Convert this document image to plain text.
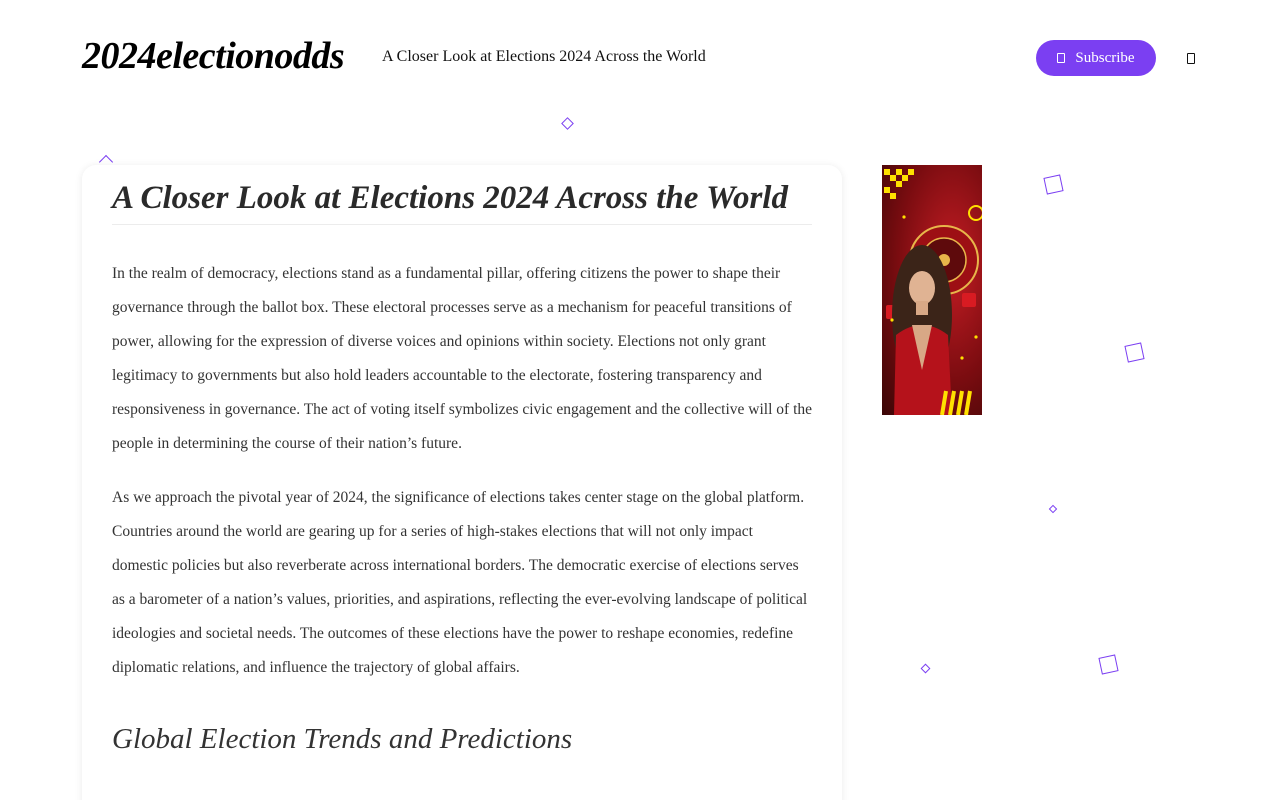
2024electionodds A Closer Look at Elections 2024 Across the World	Subscribe
A Closer Look at Elections 2024 Across the World

In the realm of democracy, elections stand as a fundamental pillar, offering citizens the power to shape their governance through the ballot box. These electoral processes serve as a mechanism for peaceful transitions of power, allowing for the expression of diverse voices and opinions within society. Elections not only grant legitimacy to governments but also hold leaders accountable to the electorate, fostering transparency and responsiveness in governance. The act of voting itself symbolizes civic engagement and the collective will of the people in determining the course of their nation’s future.

As we approach the pivotal year of 2024, the significance of elections takes center stage on the global platform. Countries around the world are gearing up for a series of high-stakes elections that will not only impact domestic policies but also reverberate across international borders. The democratic exercise of elections serves as a barometer of a nation’s values, priorities, and aspirations, reflecting the ever-evolving landscape of political ideologies and societal needs. The outcomes of these elections have the power to reshape economies, redefine diplomatic relations, and influence the trajectory of global affairs.

Global Election Trends and Predictions
